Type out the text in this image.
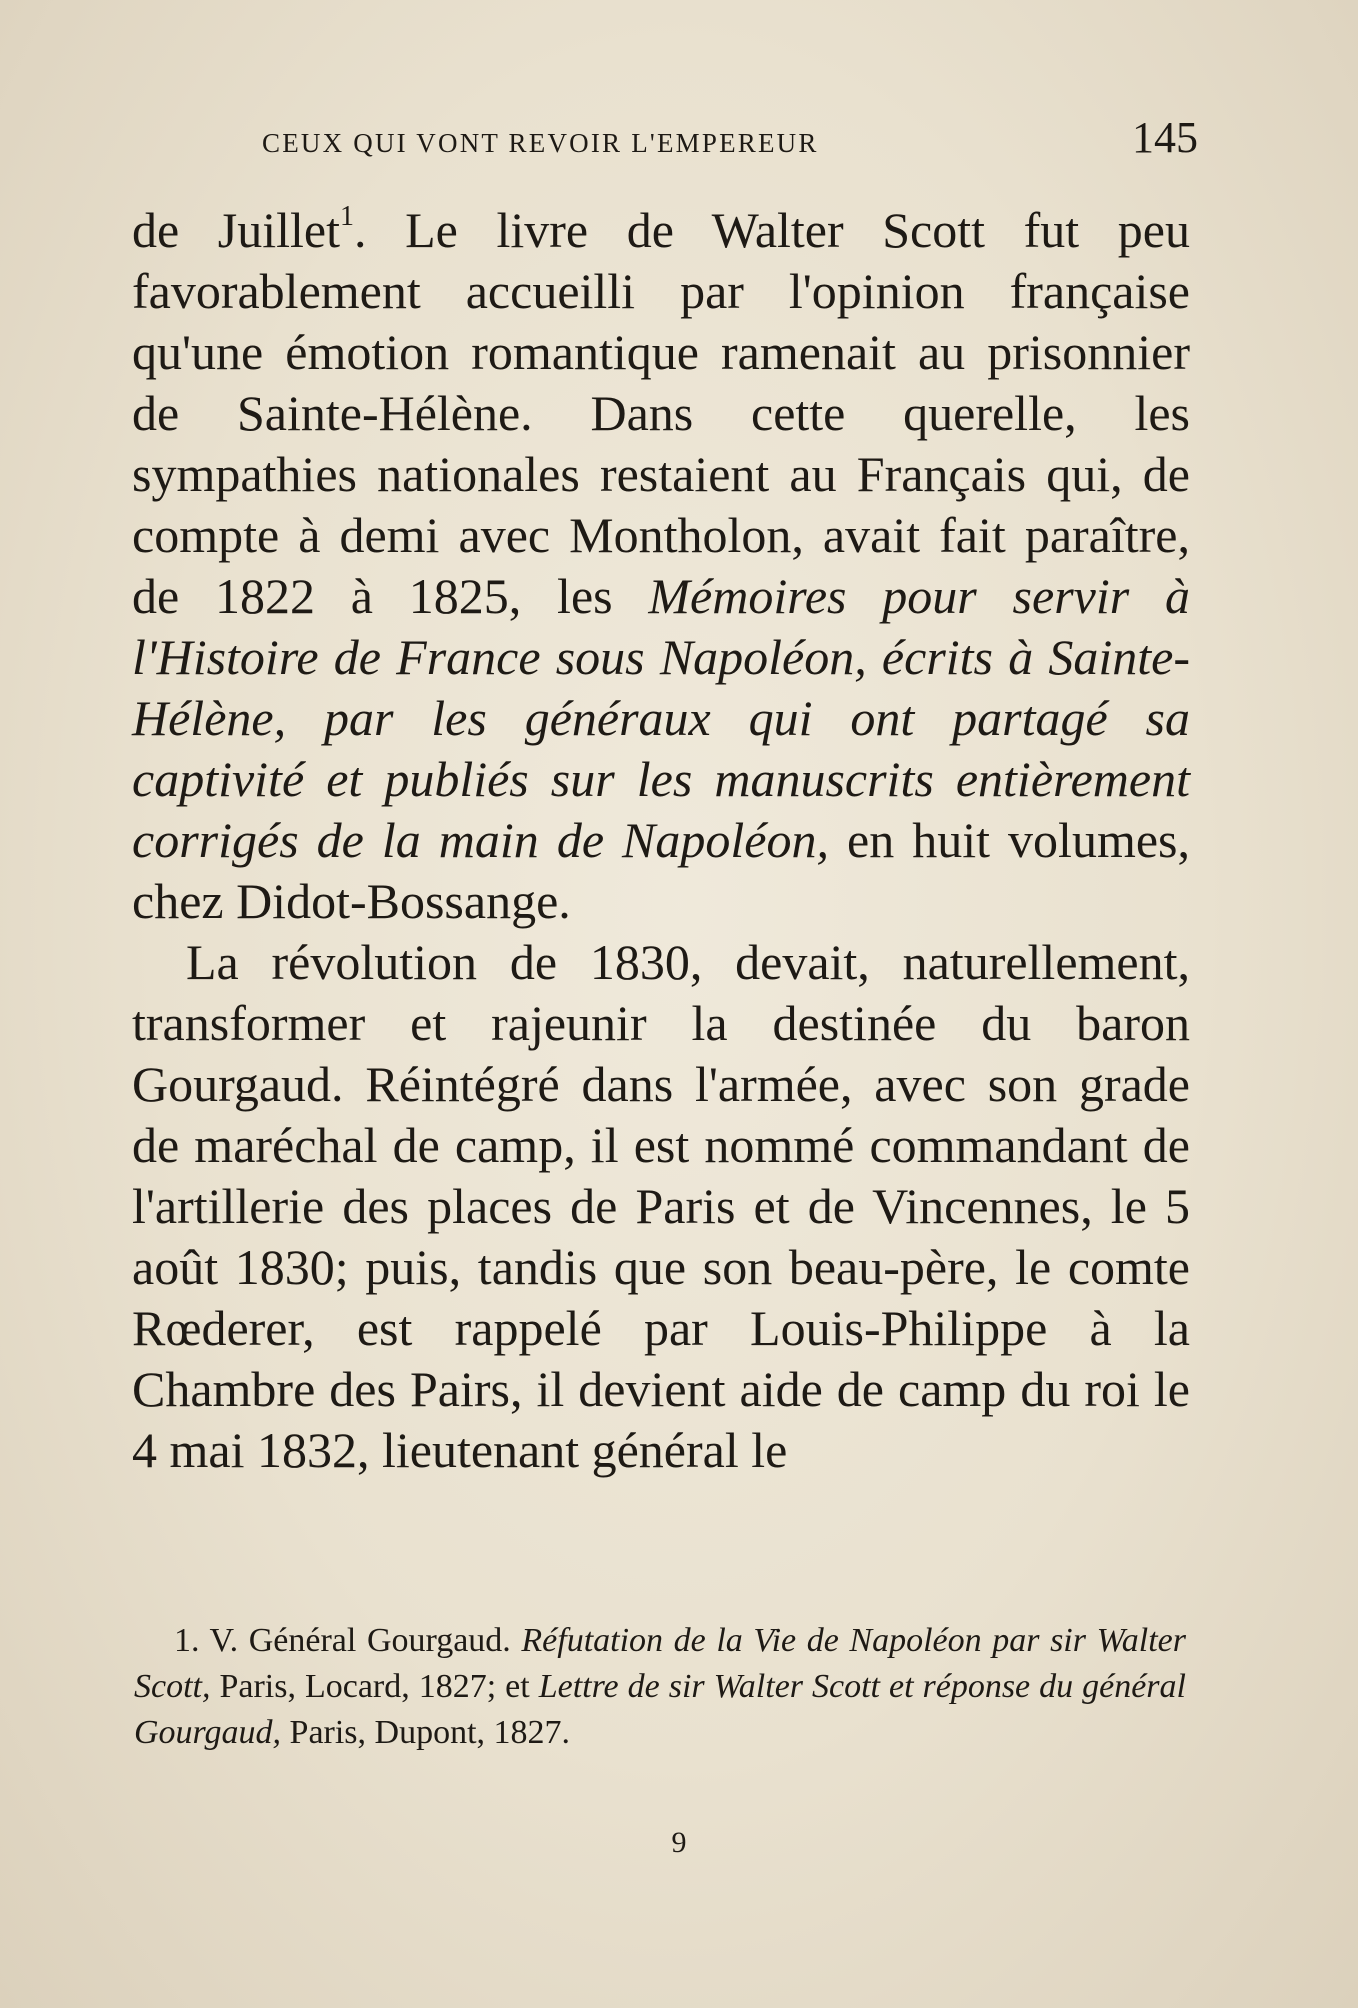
CEUX QUI VONT REVOIR L'EMPEREUR	145

de Juillet$^1$. Le livre de Walter Scott fut peu favorablement accueilli par l'opinion française qu'une émotion romantique ramenait au prisonnier de Sainte-Hélène. Dans cette querelle, les sympathies nationales restaient au Français qui, de compte à demi avec Montholon, avait fait paraître, de 1822 à 1825, les Mémoires pour servir à l'Histoire de France sous Napoléon, écrits à Sainte-Hélène, par les généraux qui ont partagé sa captivité et publiés sur les manuscrits entièrement corrigés de la main de Napoléon, en huit volumes, chez Didot-Bossange.

La révolution de 1830, devait, naturellement, transformer et rajeunir la destinée du baron Gourgaud. Réintégré dans l'armée, avec son grade de maréchal de camp, il est nommé commandant de l'artillerie des places de Paris et de Vincennes, le 5 août 1830; puis, tandis que son beau-père, le comte Rœderer, est rappelé par Louis-Philippe à la Chambre des Pairs, il devient aide de camp du roi le 4 mai 1832, lieutenant général le

1. V. Général Gourgaud. Réfutation de la Vie de Napoléon par sir Walter Scott, Paris, Locard, 1827; et Lettre de sir Walter Scott et réponse du général Gourgaud, Paris, Dupont, 1827.

9
